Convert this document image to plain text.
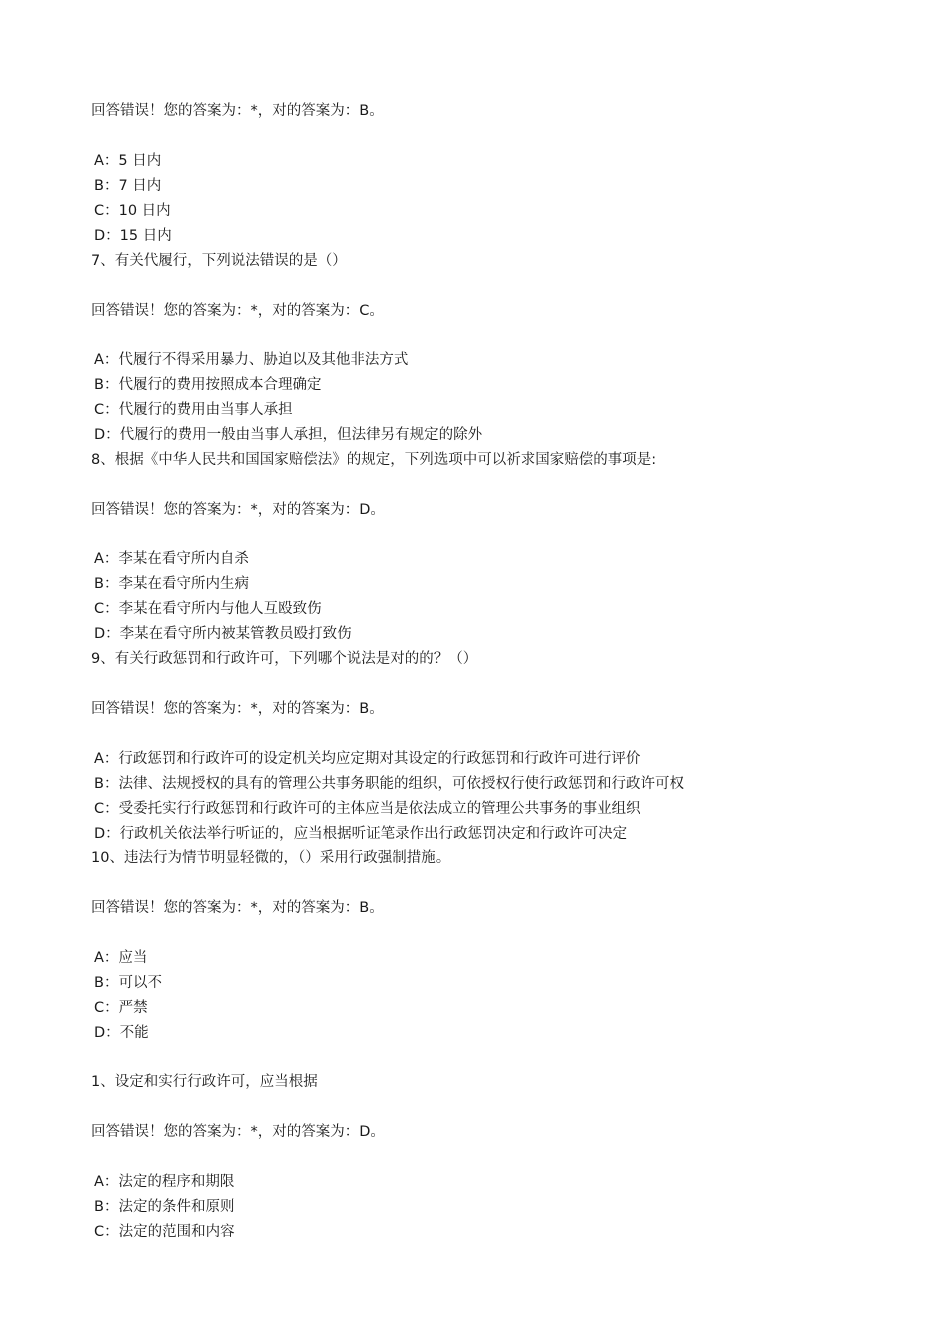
回答错误！您的答案为：*，对的答案为：B。
A：5 日内
B：7 日内
C：10 日内
D：15 日内
7、有关代履行，下列说法错误的是（）
回答错误！您的答案为：*，对的答案为：C。
A：代履行不得采用暴力、胁迫以及其他非法方式
B：代履行的费用按照成本合理确定
C：代履行的费用由当事人承担
D：代履行的费用一般由当事人承担，但法律另有规定的除外
8、根据《中华人民共和国国家赔偿法》的规定，下列选项中可以祈求国家赔偿的事项是:
回答错误！您的答案为：*，对的答案为：D。
A：李某在看守所内自杀
B：李某在看守所内生病
C：李某在看守所内与他人互殴致伤
D：李某在看守所内被某管教员殴打致伤
9、有关行政惩罚和行政许可，下列哪个说法是对的的？（）
回答错误！您的答案为：*，对的答案为：B。
A：行政惩罚和行政许可的设定机关均应定期对其设定的行政惩罚和行政许可进行评价
B：法律、法规授权的具有的管理公共事务职能的组织，可依授权行使行政惩罚和行政许可权
C：受委托实行行政惩罚和行政许可的主体应当是依法成立的管理公共事务的事业组织
D：行政机关依法举行听证的，应当根据听证笔录作出行政惩罚决定和行政许可决定
10、违法行为情节明显轻微的，（）采用行政强制措施。
回答错误！您的答案为：*，对的答案为：B。
A：应当
B：可以不
C：严禁
D：不能
1、设定和实行行政许可，应当根据
回答错误！您的答案为：*，对的答案为：D。
A：法定的程序和期限
B：法定的条件和原则
C：法定的范围和内容
